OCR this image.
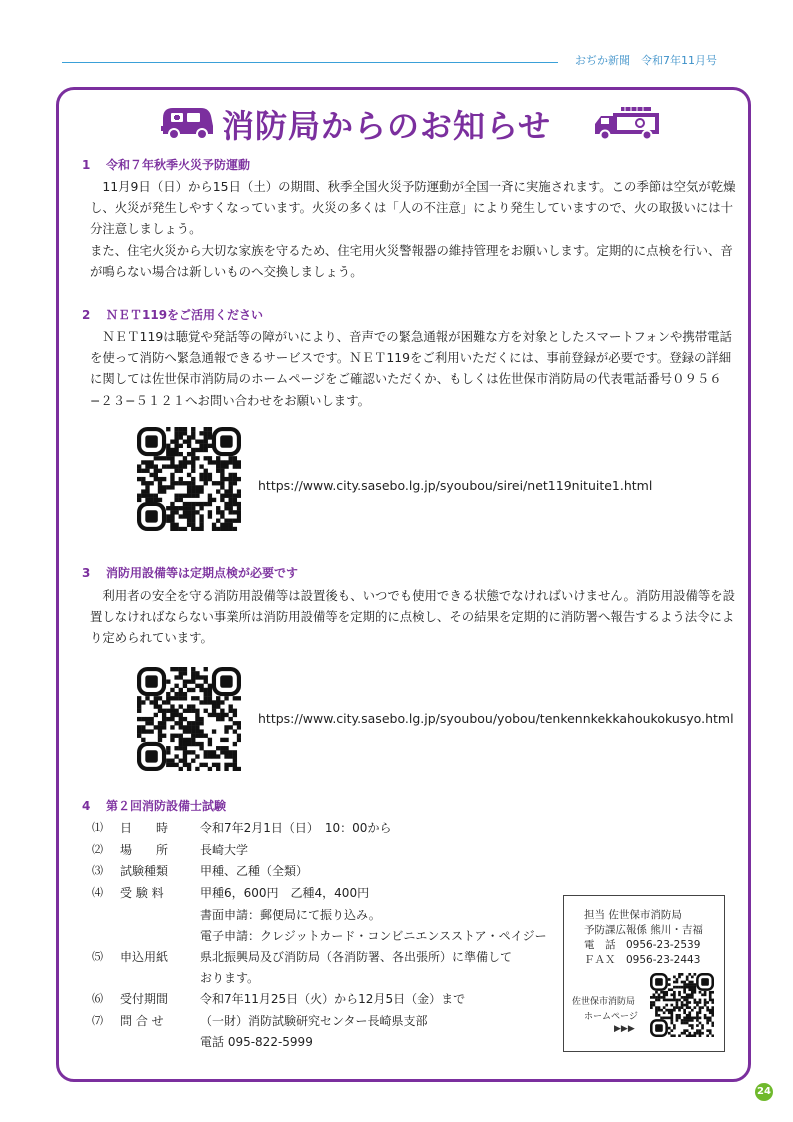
おぢか新聞　令和7年11月号
消防局からのお知らせ
1 令和７年秋季火災予防運動

　11月9日（日）から15日（土）の期間、秋季全国火災予防運動が全国一斉に実施されます。この季節は空気が乾燥し、火災が発生しやすくなっています。火災の多くは「人の不注意」により発生していますので、火の取扱いには十分注意しましょう。

また、住宅火災から大切な家族を守るため、住宅用火災警報器の維持管理をお願いします。定期的に点検を行い、音が鳴らない場合は新しいものへ交換しましょう。

2 ＮＥＴ119をご活用ください

　ＮＥＴ119は聴覚や発話等の障がいにより、音声での緊急通報が困難な方を対象としたスマートフォンや携帯電話を使って消防へ緊急通報できるサービスです。ＮＥＴ119をご利用いただくには、事前登録が必要です。登録の詳細に関しては佐世保市消防局のホームページをご確認いただくか、もしくは佐世保市消防局の代表電話番号０９５６−２３−５１２１へお問い合わせをお願いします。

https://www.city.sasebo.lg.jp/syoubou/sirei/net119nituite1.html
3 消防用設備等は定期点検が必要です

　利用者の安全を守る消防用設備等は設置後も、いつでも使用できる状態でなければいけません。消防用設備等を設置しなければならない事業所は消防用設備等を定期的に点検し、その結果を定期的に消防署へ報告するよう法令により定められています。

https://www.city.sasebo.lg.jp/syoubou/yobou/tenkennkekkahoukokusyo.html
4 第２回消防設備士試験
⑴ 日　　時	令和7年2月1日（日）　10：00から
⑵ 場　　所	長崎大学
⑶ 試験種類	甲種、乙種（全類）
⑷ 受 験 料	甲種6，600円　乙種4，400円
書面申請：郵便局にて振り込み。
電子申請：クレジットカード・コンビニエンスストア・ペイジー
⑸ 申込用紙	県北振興局及び消防局（各消防署、各出張所）に準備して
おります。
⑹ 受付期間	令和7年11月25日（火）から12月5日（金）まで
⑺ 問 合 せ	（一財）消防試験研究センター長崎県支部
電話 095-822-5999
担当 佐世保市消防局
予防課広報係 熊川・吉福
電　話　0956-23-2539
ＦＡＸ　0956-23-2443
佐世保市消防局
ホームページ
▶▶▶
24
